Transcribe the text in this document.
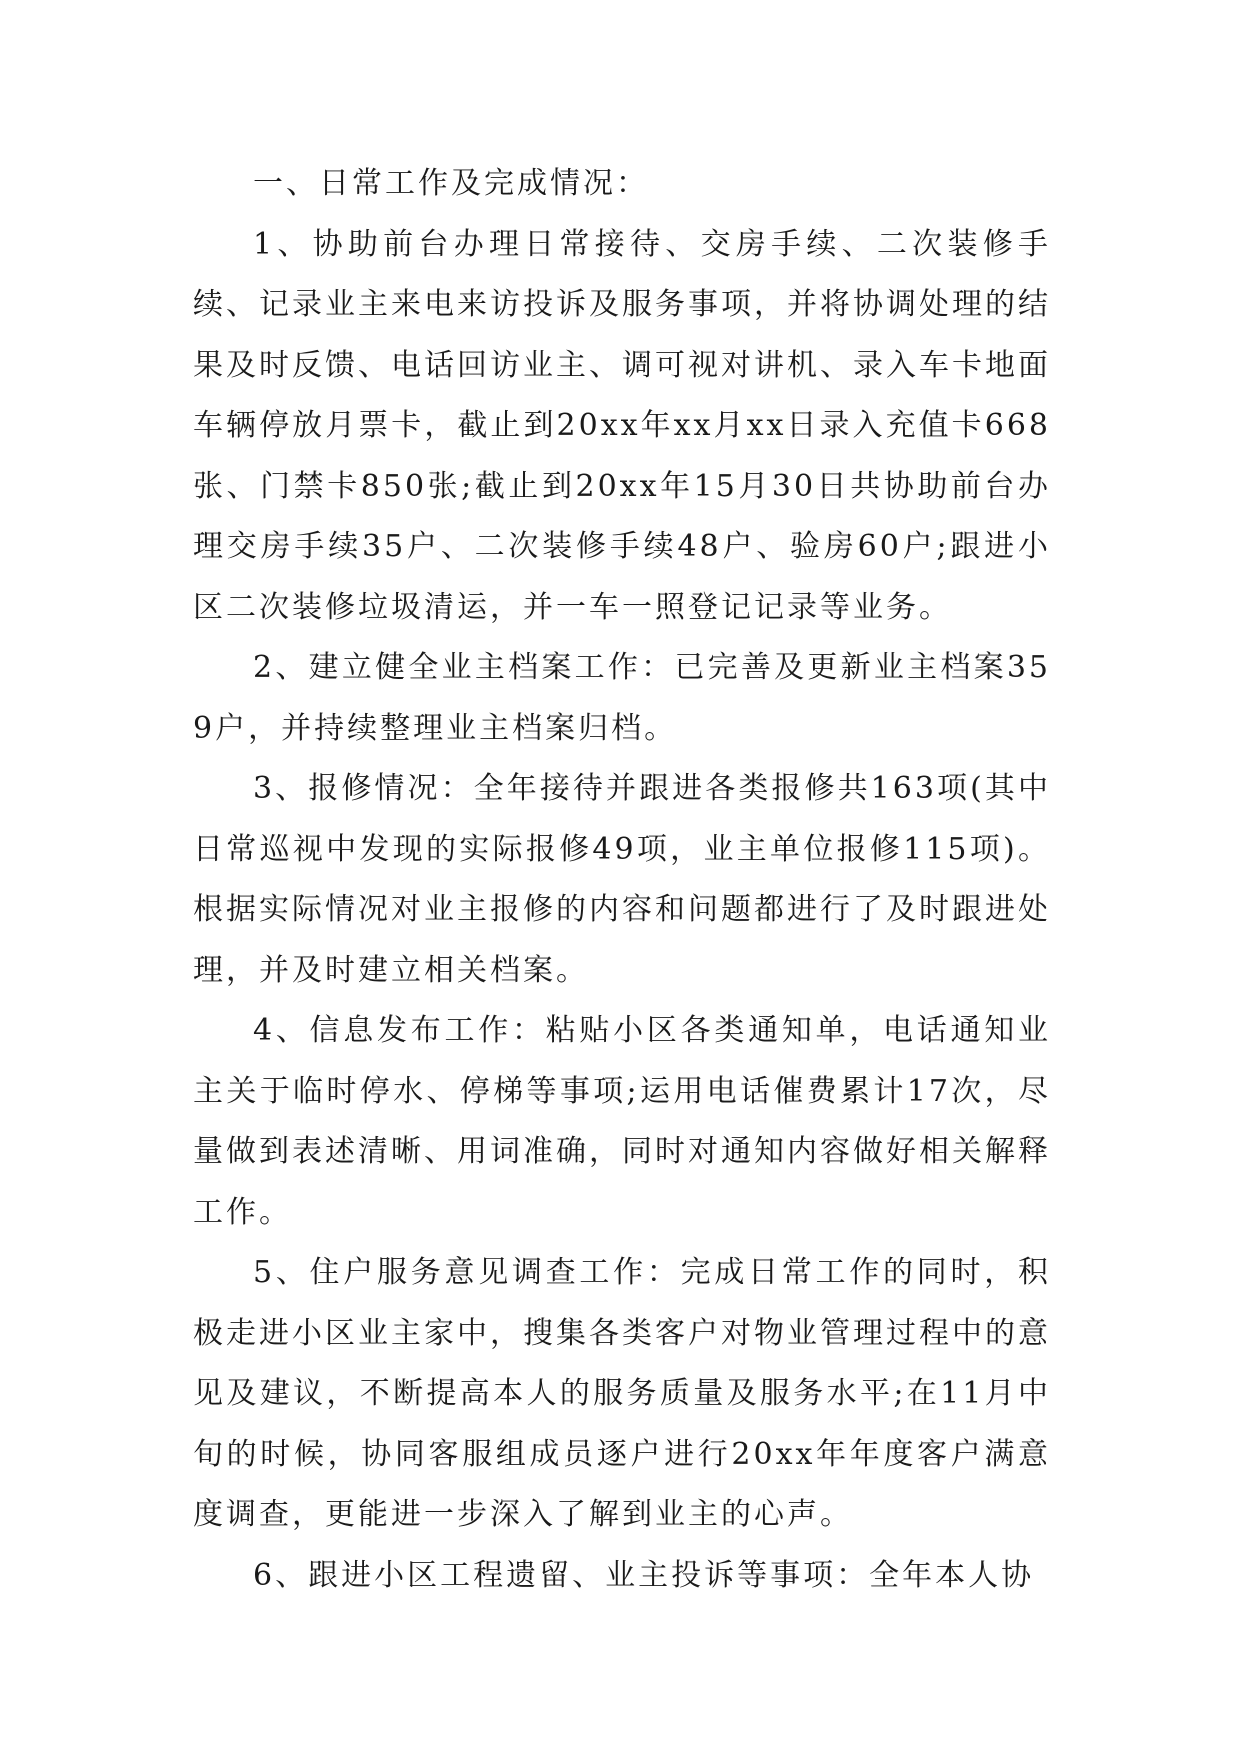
一、日常工作及完成情况：

1、协助前台办理日常接待、交房手续、二次装修手续、记录业主来电来访投诉及服务事项，并将协调处理的结果及时反馈、电话回访业主、调可视对讲机、录入车卡地面车辆停放月票卡，截止到20xx年xx月xx日录入充值卡668张、门禁卡850张;截止到20xx年15月30日共协助前台办理交房手续35户、二次装修手续48户、验房60户;跟进小区二次装修垃圾清运，并一车一照登记记录等业务。

2、建立健全业主档案工作：已完善及更新业主档案359户，并持续整理业主档案归档。

3、报修情况：全年接待并跟进各类报修共163项(其中日常巡视中发现的实际报修49项，业主单位报修115项)。根据实际情况对业主报修的内容和问题都进行了及时跟进处理，并及时建立相关档案。

4、信息发布工作：粘贴小区各类通知单，电话通知业主关于临时停水、停梯等事项;运用电话催费累计17次，尽量做到表述清晰、用词准确，同时对通知内容做好相关解释工作。

5、住户服务意见调查工作：完成日常工作的同时，积极走进小区业主家中，搜集各类客户对物业管理过程中的意见及建议，不断提高本人的服务质量及服务水平;在11月中旬的时候，协同客服组成员逐户进行20xx年年度客户满意度调查，更能进一步深入了解到业主的心声。

6、跟进小区工程遗留、业主投诉等事项：全年本人协
